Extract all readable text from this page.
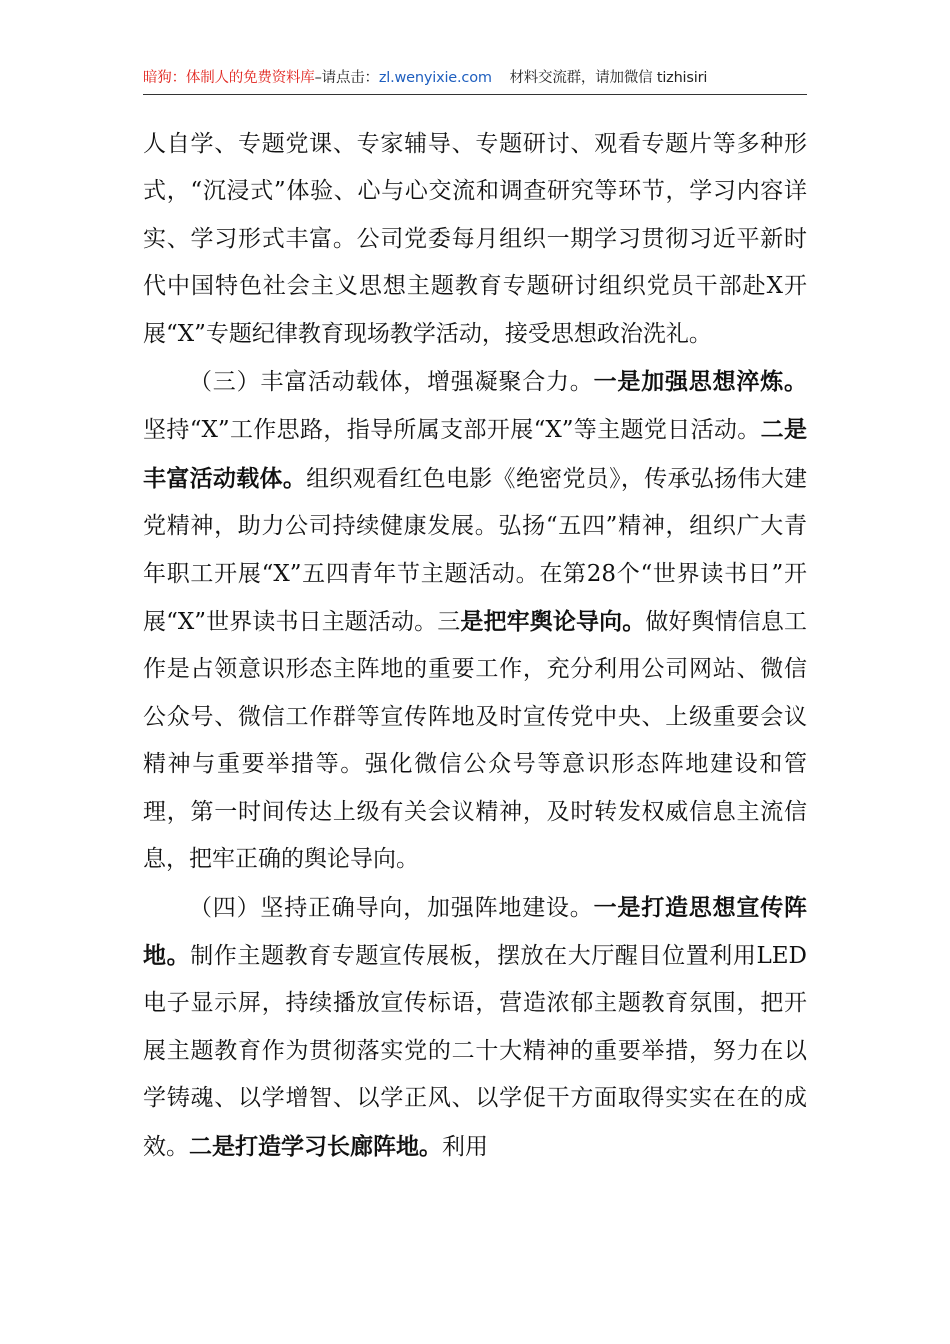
暗狗：体制人的免费资料库–请点击：zl.wenyixie.com 材料交流群，请加微信 tizhisiri

人自学、专题党课、专家辅导、专题研讨、观看专题片等多种形式，“沉浸式”体验、心与心交流和调查研究等环节，学习内容详实、学习形式丰富。公司党委每月组织一期学习贯彻习近平新时代中国特色社会主义思想主题教育专题研讨组织党员干部赴X开展“X”专题纪律教育现场教学活动，接受思想政治洗礼。

（三）丰富活动载体，增强凝聚合力。一是加强思想淬炼。坚持“X”工作思路，指导所属支部开展“X”等主题党日活动。二是丰富活动载体。组织观看红色电影《绝密党员》，传承弘扬伟大建党精神，助力公司持续健康发展。弘扬“五四”精神，组织广大青年职工开展“X”五四青年节主题活动。在第28个“世界读书日”开展“X”世界读书日主题活动。三是把牢舆论导向。做好舆情信息工作是占领意识形态主阵地的重要工作，充分利用公司网站、微信公众号、微信工作群等宣传阵地及时宣传党中央、上级重要会议精神与重要举措等。强化微信公众号等意识形态阵地建设和管理，第一时间传达上级有关会议精神，及时转发权威信息主流信息，把牢正确的舆论导向。

（四）坚持正确导向，加强阵地建设。一是打造思想宣传阵地。制作主题教育专题宣传展板，摆放在大厅醒目位置利用LED电子显示屏，持续播放宣传标语，营造浓郁主题教育氛围，把开展主题教育作为贯彻落实党的二十大精神的重要举措，努力在以学铸魂、以学增智、以学正风、以学促干方面取得实实在在的成效。二是打造学习长廊阵地。利用
